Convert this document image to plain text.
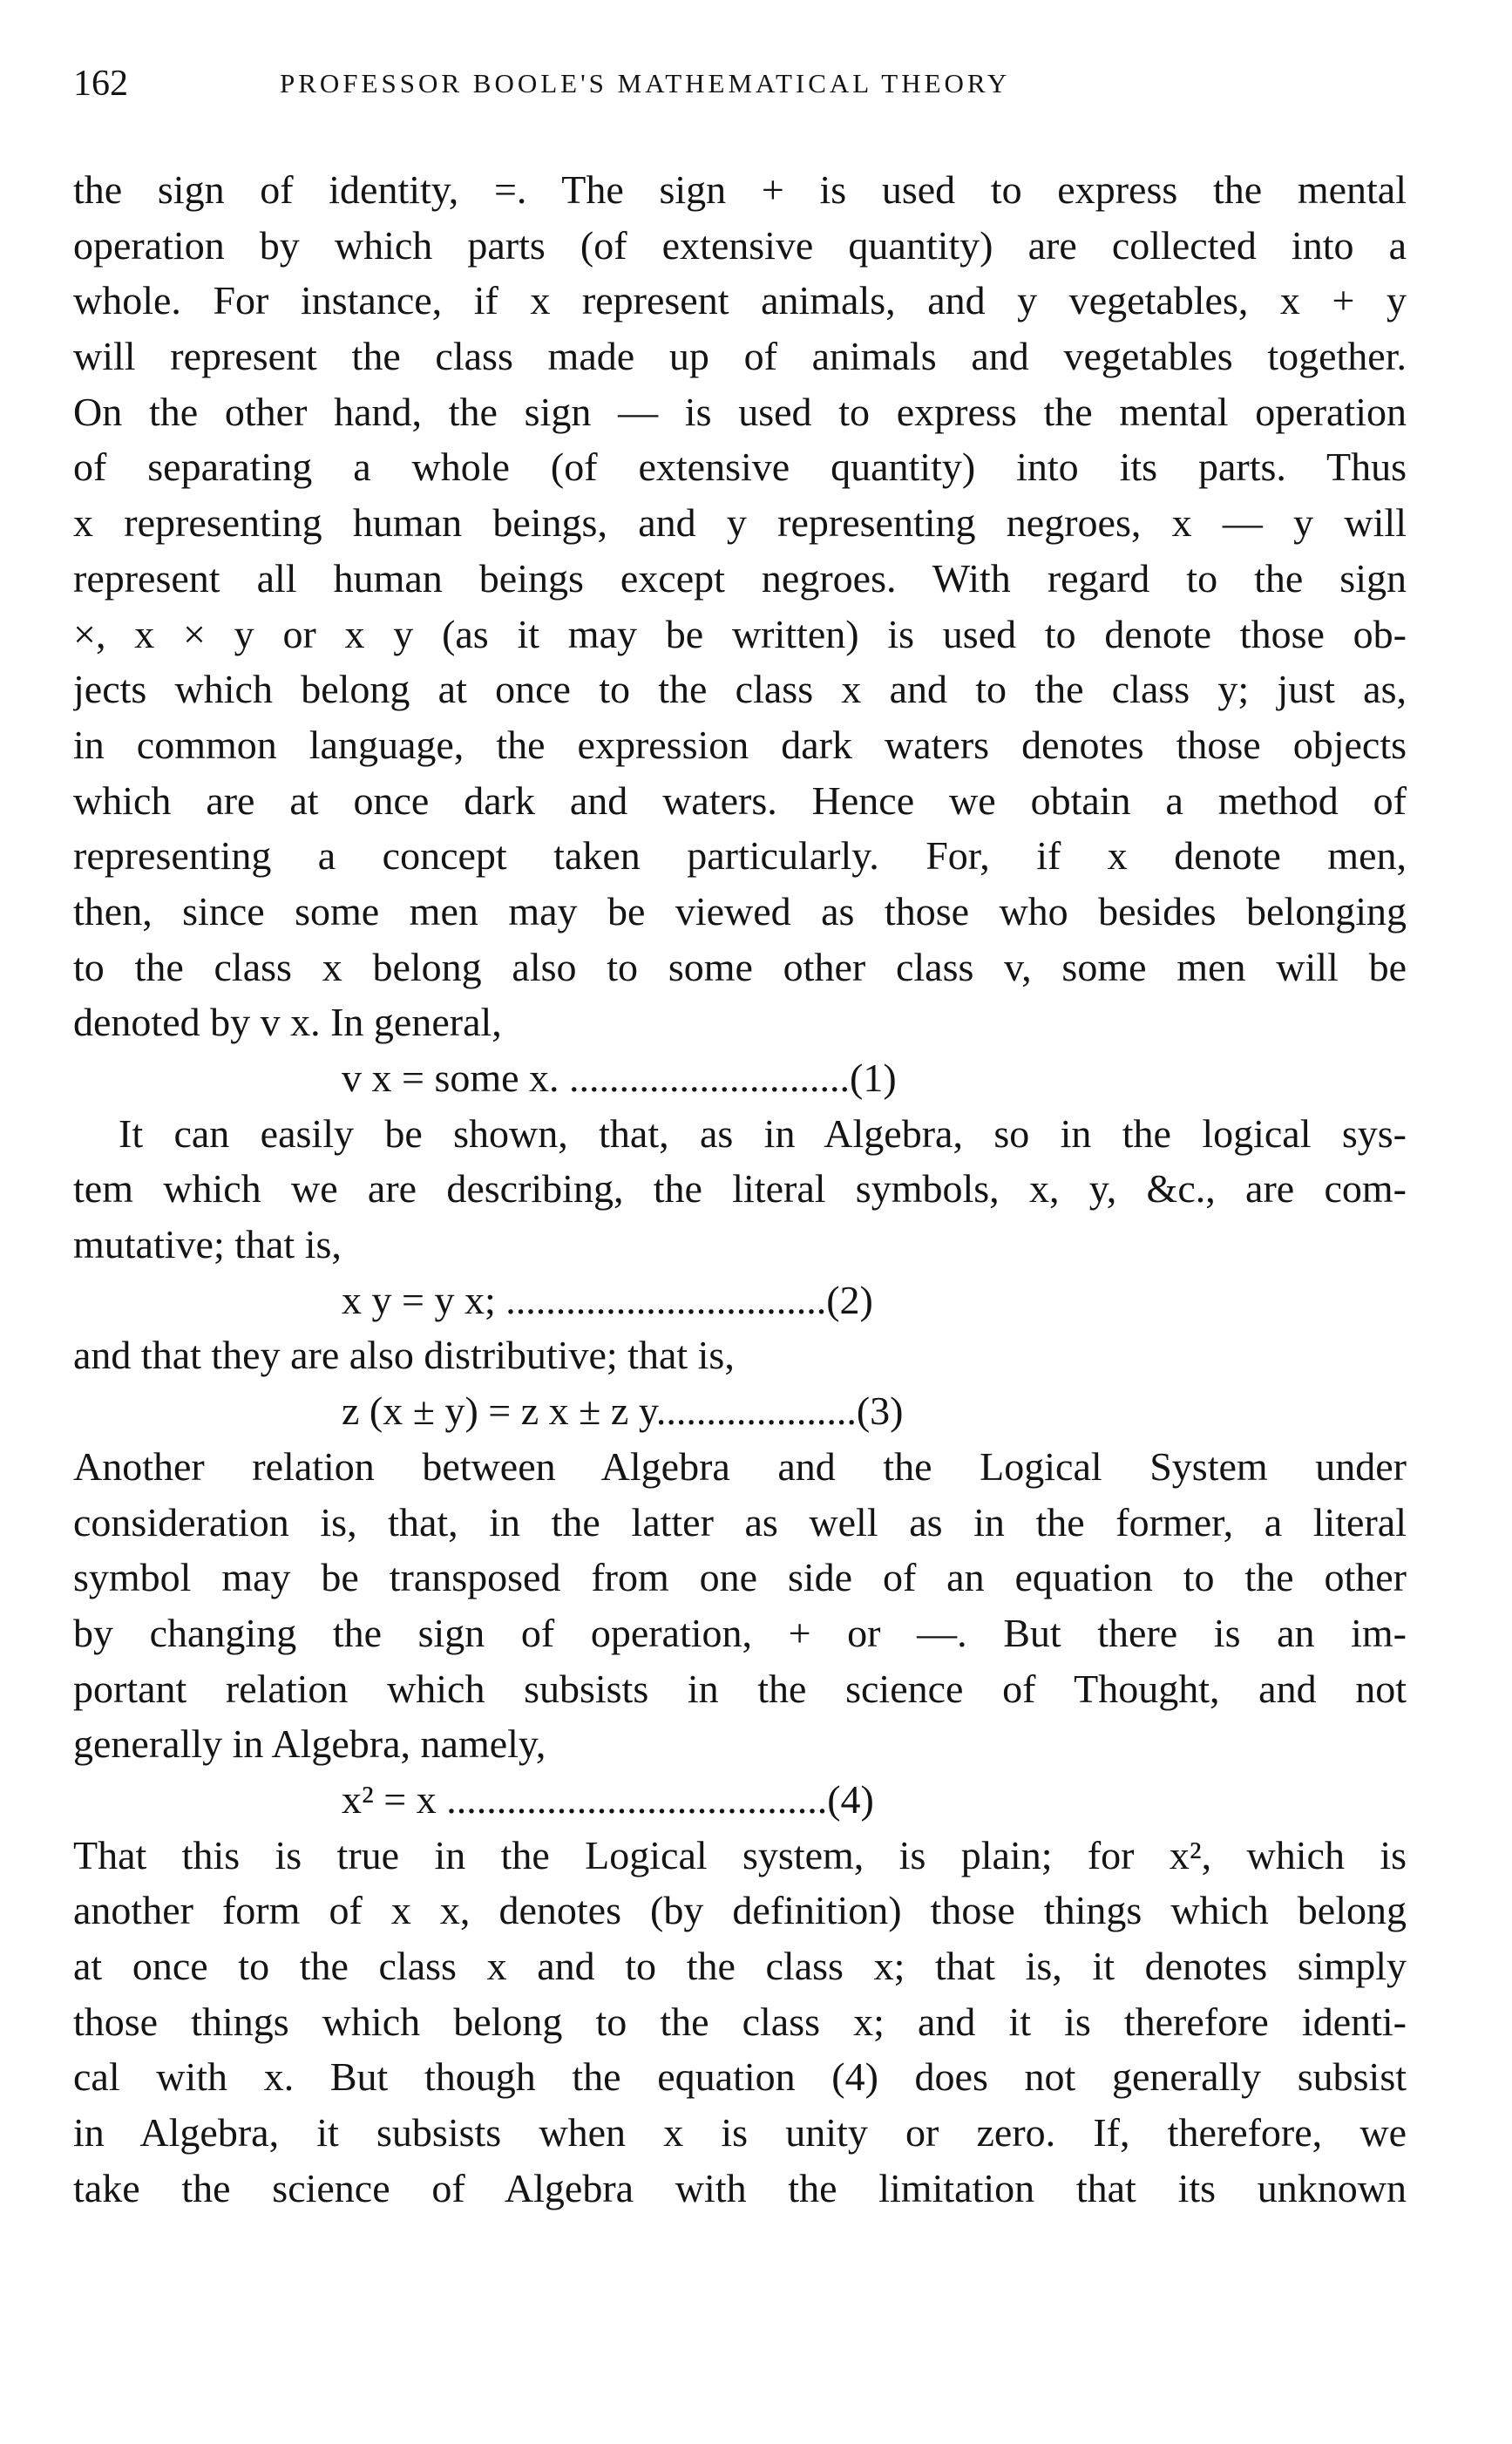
162	PROFESSOR BOOLE'S MATHEMATICAL THEORY
the sign of identity, =. The sign + is used to express the mental
operation by which parts (of extensive quantity) are collected into a
whole. For instance, if x represent animals, and y vegetables, x + y
will represent the class made up of animals and vegetables together.
On the other hand, the sign — is used to express the mental operation
of separating a whole (of extensive quantity) into its parts. Thus
x representing human beings, and y representing negroes, x — y will
represent all human beings except negroes. With regard to the sign
×, x × y or x y (as it may be written) is used to denote those ob-
jects which belong at once to the class x and to the class y; just as,
in common language, the expression dark waters denotes those objects
which are at once dark and waters. Hence we obtain a method of
representing a concept taken particularly. For, if x denote men,
then, since some men may be viewed as those who besides belonging
to the class x belong also to some other class v, some men will be
denoted by v x. In general,
v x = some x. ............................(1)
It can easily be shown, that, as in Algebra, so in the logical sys-
tem which we are describing, the literal symbols, x, y, &c., are com-
mutative; that is,
x y = y x; ................................(2)
and that they are also distributive; that is,
z (x ± y) = z x ± z y....................(3)
Another relation between Algebra and the Logical System under
consideration is, that, in the latter as well as in the former, a literal
symbol may be transposed from one side of an equation to the other
by changing the sign of operation, + or —. But there is an im-
portant relation which subsists in the science of Thought, and not
generally in Algebra, namely,
x² = x ......................................(4)
That this is true in the Logical system, is plain; for x², which is
another form of x x, denotes (by definition) those things which belong
at once to the class x and to the class x; that is, it denotes simply
those things which belong to the class x; and it is therefore identi-
cal with x. But though the equation (4) does not generally subsist
in Algebra, it subsists when x is unity or zero. If, therefore, we
take the science of Algebra with the limitation that its unknown
